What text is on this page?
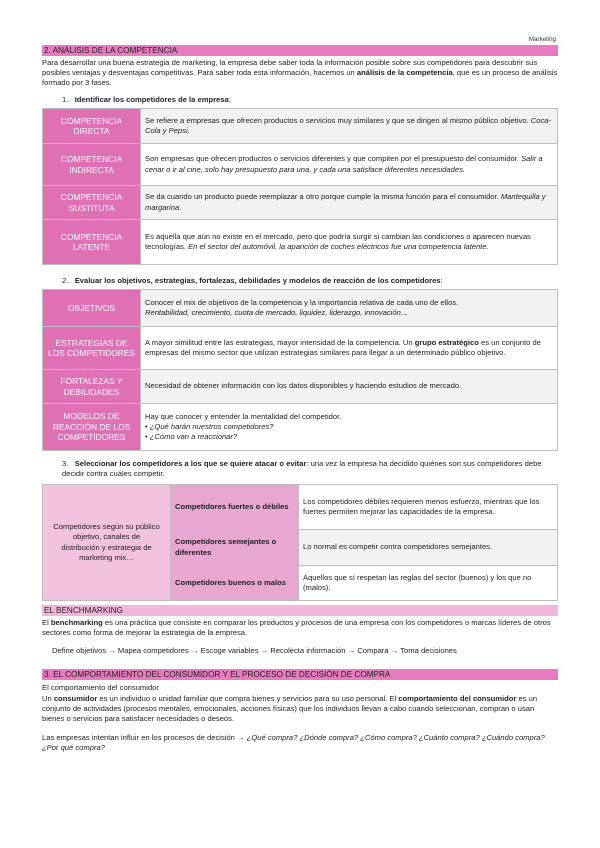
Marketing
2. ANÁLISIS DE LA COMPETENCIA
Para desarrollar una buena estrategia de marketing, la empresa debe saber toda la información posible sobre sus competidores para descubrir sus posibles ventajas y desventajas competitivas. Para saber toda esta información, hacemos un análisis de la competencia, que es un proceso de análisis formado por 3 fases.
1. Identificar los competidores de la empresa:
COMPETENCIA DIRECTA	Se refiere a empresas que ofrecen productos o servicios muy similares y que se dirigen al mismo público objetivo. Coca-Cola y Pepsi.
COMPETENCIA INDIRECTA	Son empresas que ofrecen productos o servicios diferentes y que compiten por el presupuesto del consumidor. Salir a cenar o ir al cine, solo hay presupuesto para una, y cada una satisface diferentes necesidades.
COMPETENCIA SUSTITUTA	Se da cuando un producto puede reemplazar a otro porque cumple la misma función para el consumidor. Mantequilla y margarina.
COMPETENCIA LATENTE	Es aquella que aún no existe en el mercado, pero que podría surgir si cambian las condiciones o aparecen nuevas tecnologías. En el sector del automóvil, la aparición de coches eléctricos fue una competencia latente.
2. Evaluar los objetivos, estrategias, fortalezas, debilidades y modelos de reacción de los competidores:
OBJETIVOS	Conocer el mix de objetivos de la competencia y la importancia relativa de cada uno de ellos.
Rentabilidad, crecimiento, cuota de mercado, liquidez, liderazgo, innovación…
ESTRATEGIAS DE LOS COMPETIDORES	A mayor similitud entre las estrategias, mayor intensidad de la competencia. Un grupo estratégico es un conjunto de empresas del mismo sector que utilizan estrategias similares para llegar a un determinado público objetivo.
FORTALEZAS Y DEBILIDADES	Necesidad de obtener información con los datos disponibles y haciendo estudios de mercado.
MODELOS DE REACCIÓN DE LOS COMPETIDORES	Hay que conocer y entender la mentalidad del competidor.
• ¿Qué harán nuestros competidores?
• ¿Cómo van a reaccionar?
3. Seleccionar los competidores a los que se quiere atacar o evitar: una vez la empresa ha decidido quiénes son sus competidores debe decidir contra cuáles competir.
Competidores según su público objetivo, canales de distribución y estrategia de marketing mix…	Competidores fuertes o débiles	Los competidores débiles requieren menos esfuerzo, mientras que los fuertes permiten mejorar las capacidades de la empresa.
	Competidores semejantes o diferentes	Lo normal es competir contra competidores semejantes.
	Competidores buenos o malos	Aquellos que sí respetan las reglas del sector (buenos) y los que no (malos).
EL BENCHMARKING
El benchmarking es una práctica que consiste en comparar los productos y procesos de una empresa con los competidores o marcas líderes de otros sectores como forma de mejorar la estrategia de la empresa.
Define objetivos → Mapea competidores → Escoge variables → Recolecta información → Compara → Toma decisiones
3. EL COMPORTAMIENTO DEL CONSUMIDOR Y EL PROCESO DE DECISIÓN DE COMPRA
El comportamiento del consumidor
Un consumidor es un individuo o unidad familiar que compra bienes y servicios para su uso personal. El comportamiento del consumidor es un conjunto de actividades (procesos mentales, emocionales, acciones físicas) que los individuos llevan a cabo cuando seleccionan, compran o usan bienes o servicios para satisfacer necesidades o deseos.
Las empresas intentan influir en los procesos de decisión → ¿Qué compra? ¿Dónde compra? ¿Cómo compra? ¿Cuánto compra? ¿Cuándo compra? ¿Por qué compra?
